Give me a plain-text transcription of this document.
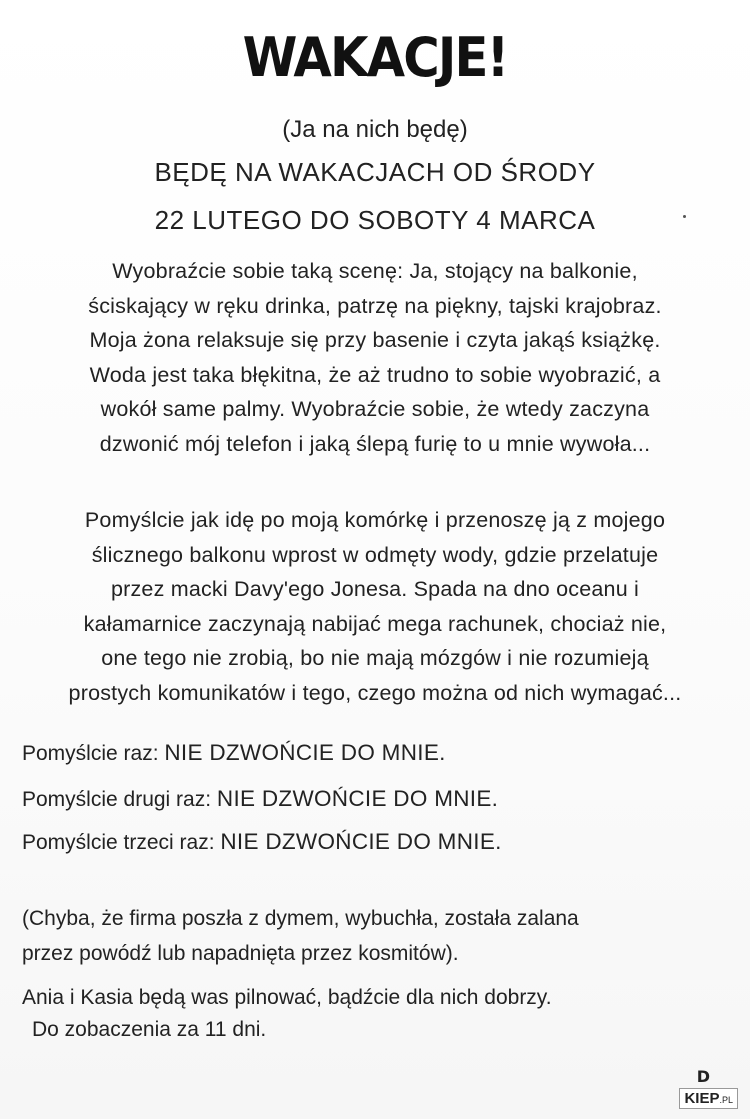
WAKACJE!
(Ja na nich będę)
BĘDĘ NA WAKACJACH OD ŚRODY
22 LUTEGO DO SOBOTY 4 MARCA
Wyobraźcie sobie taką scenę: Ja, stojący na balkonie,
ściskający w ręku drinka, patrzę na piękny, tajski krajobraz.
Moja żona relaksuje się przy basenie i czyta jakąś książkę.
Woda jest taka błękitna, że aż trudno to sobie wyobrazić, a
wokół same palmy. Wyobraźcie sobie, że wtedy zaczyna
dzwonić mój telefon i jaką ślepą furię to u mnie wywoła...
Pomyślcie jak idę po moją komórkę i przenoszę ją z mojego
ślicznego balkonu wprost w odmęty wody, gdzie przelatuje
przez macki Davy'ego Jonesa. Spada na dno oceanu i
kałamarnice zaczynają nabijać mega rachunek, chociaż nie,
one tego nie zrobią, bo nie mają mózgów i nie rozumieją
prostych komunikatów i tego, czego można od nich wymagać...
Pomyślcie raz: NIE DZWOŃCIE DO MNIE.
Pomyślcie drugi raz: NIE DZWOŃCIE DO MNIE.
Pomyślcie trzeci raz: NIE DZWOŃCIE DO MNIE.
(Chyba, że firma poszła z dymem, wybuchła, została zalana
przez powódź lub napadnięta przez kosmitów).
Ania i Kasia będą was pilnować, bądźcie dla nich dobrzy.
Do zobaczenia za 11 dni.
D
KIEP.PL
